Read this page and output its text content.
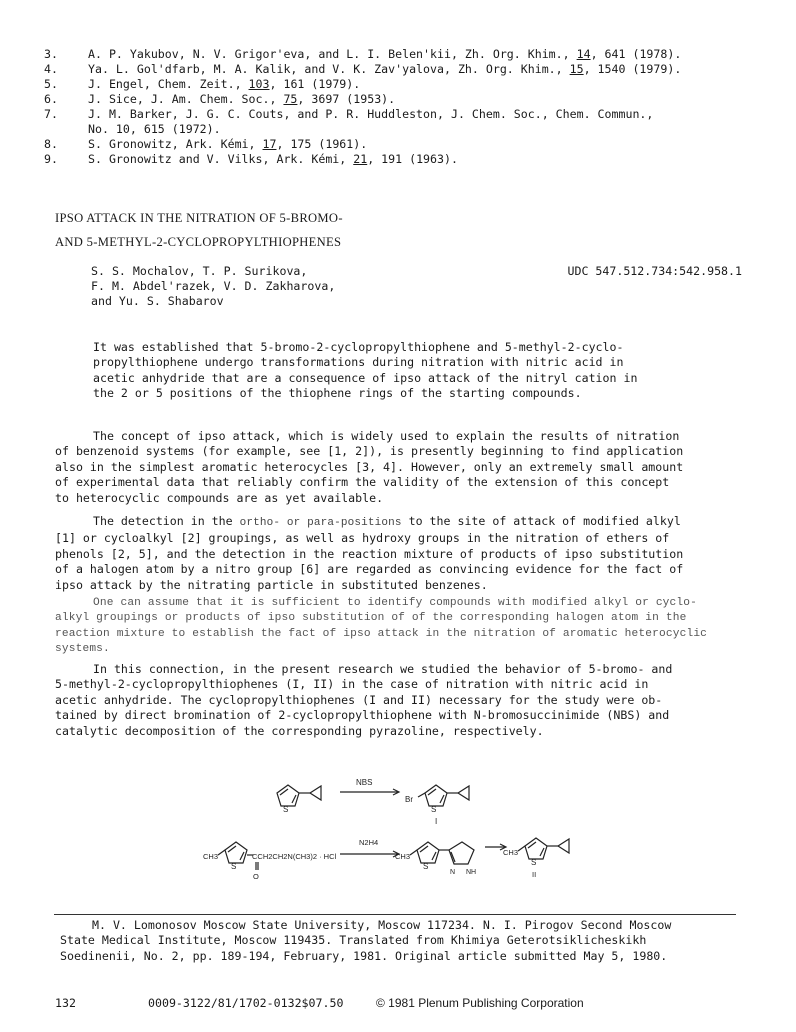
3.	A. P. Yakubov, N. V. Grigor'eva, and L. I. Belen'kii, Zh. Org. Khim., 14, 641 (1978).
4.	Ya. L. Gol'dfarb, M. A. Kalik, and V. K. Zav'yalova, Zh. Org. Khim., 15, 1540 (1979).
5.	J. Engel, Chem. Zeit., 103, 161 (1979).
6.	J. Sice, J. Am. Chem. Soc., 75, 3697 (1953).
7.	J. M. Barker, J. G. C. Couts, and P. R. Huddleston, J. Chem. Soc., Chem. Commun.,
No. 10, 615 (1972).
8.	S. Gronowitz, Ark. Kémi, 17, 175 (1961).
9.	S. Gronowitz and V. Vilks, Ark. Kémi, 21, 191 (1963).
IPSO ATTACK IN THE NITRATION OF 5-BROMO-
AND 5-METHYL-2-CYCLOPROPYLTHIOPHENES
S. S. Mochalov, T. P. Surikova,
F. M. Abdel'razek, V. D. Zakharova,
and Yu. S. Shabarov
UDC 547.512.734:542.958.1
It was established that 5-bromo-2-cyclopropylthiophene and 5-methyl-2-cyclo-
propylthiophene undergo transformations during nitration with nitric acid in
acetic anhydride that are a consequence of ipso attack of the nitryl cation in
the 2 or 5 positions of the thiophene rings of the starting compounds.
The concept of ipso attack, which is widely used to explain the results of nitration
of benzenoid systems (for example, see [1, 2]), is presently beginning to find application
also in the simplest aromatic heterocycles [3, 4]. However, only an extremely small amount
of experimental data that reliably confirm the validity of the extension of this concept
to heterocyclic compounds are as yet available.
The detection in the ortho- or para-positions to the site of attack of modified alkyl
[1] or cycloalkyl [2] groupings, as well as hydroxy groups in the nitration of ethers of
phenols [2, 5], and the detection in the reaction mixture of products of ipso substitution
of a halogen atom by a nitro group [6] are regarded as convincing evidence for the fact of
ipso attack by the nitrating particle in substituted benzenes.
One can assume that it is sufficient to identify compounds with modified alkyl or cyclo-
alkyl groupings or products of ipso substitution of of the corresponding halogen atom in the
reaction mixture to establish the fact of ipso attack in the nitration of aromatic heterocyclic
systems.
In this connection, in the present research we studied the behavior of 5-bromo- and
5-methyl-2-cyclopropylthiophenes (I, II) in the case of nitration with nitric acid in
acetic anhydride. The cyclopropylthiophenes (I and II) necessary for the study were ob-
tained by direct bromination of 2-cyclopropylthiophene with N-bromosuccinimide (NBS) and
catalytic decomposition of the corresponding pyrazoline, respectively.
S
NBS
Br
S
I
CH3
S
CCH2CH2N(CH3)2 · HCl
O
N2H4
CH3
S
N NH
CH3
S
II
M. V. Lomonosov Moscow State University, Moscow 117234. N. I. Pirogov Second Moscow
State Medical Institute, Moscow 119435. Translated from Khimiya Geterotsiklicheskikh
Soedinenii, No. 2, pp. 189-194, February, 1981. Original article submitted May 5, 1980.
132	0009-3122/81/1702-0132$07.50	© 1981 Plenum Publishing Corporation
